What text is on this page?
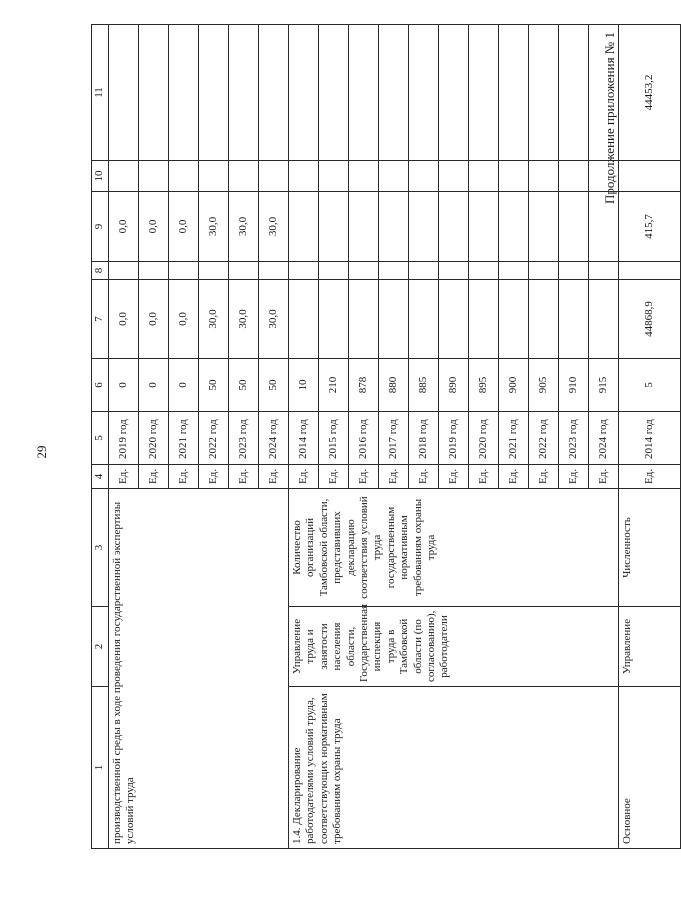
29
Продолжение приложения № 1
1	2	3	4	5	6	7	8	9	10	11
производственной среды в ходе проведения государственной экспертизы условий труда			Ед.	2019 год	0	0,0		0,0		
			Ед.	2020 год	0	0,0		0,0		
			Ед.	2021 год	0	0,0		0,0		
			Ед.	2022 год	50	30,0		30,0		
			Ед.	2023 год	50	30,0		30,0		
			Ед.	2024 год	50	30,0		30,0		
1.4. Декларирование работодателями условий труда, соответствующих нормативным требованиям охраны труда	Управление труда и занятости населения области, Государственная инспекция труда в Тамбовской области (по согласованию), работодатели	Количество организаций Тамбовской области, представивших декларацию соответствия условий труда государственным нормативным требованиям охраны труда	Ед.	2014 год	10					
			Ед.	2015 год	210					
			Ед.	2016 год	878					
			Ед.	2017 год	880					
			Ед.	2018 год	885					
			Ед.	2019 год	890					
			Ед.	2020 год	895					
			Ед.	2021 год	900					
			Ед.	2022 год	905					
			Ед.	2023 год	910					
			Ед.	2024 год	915					
Основное	Управление	Численность	Ед.	2014 год	5	44868,9		415,7		44453,2
